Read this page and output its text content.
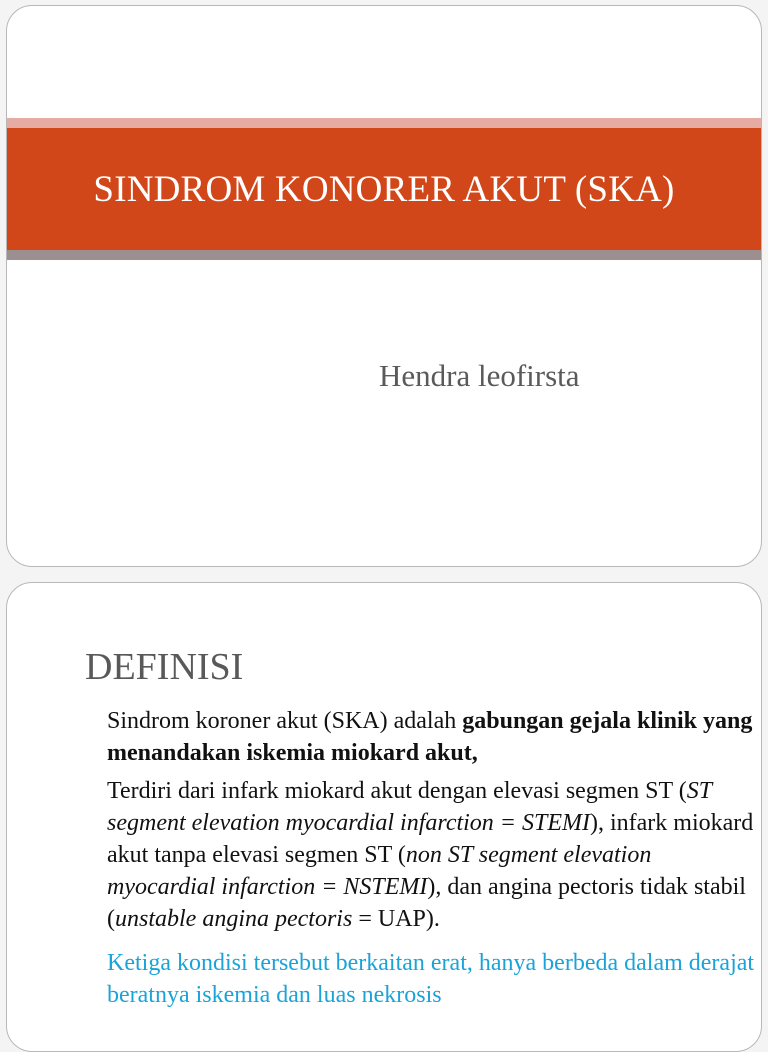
SINDROM KONORER AKUT (SKA)
Hendra leofirsta
DEFINISI

Sindrom koroner akut (SKA) adalah gabungan gejala klinik yang menandakan iskemia miokard akut,

Terdiri dari infark miokard akut dengan elevasi segmen ST (ST segment elevation myocardial infarction = STEMI), infark miokard akut tanpa elevasi segmen ST (non ST segment elevation myocardial infarction = NSTEMI), dan angina pectoris tidak stabil (unstable angina pectoris = UAP).

Ketiga kondisi tersebut berkaitan erat, hanya berbeda dalam derajat beratnya iskemia dan luas nekrosis
